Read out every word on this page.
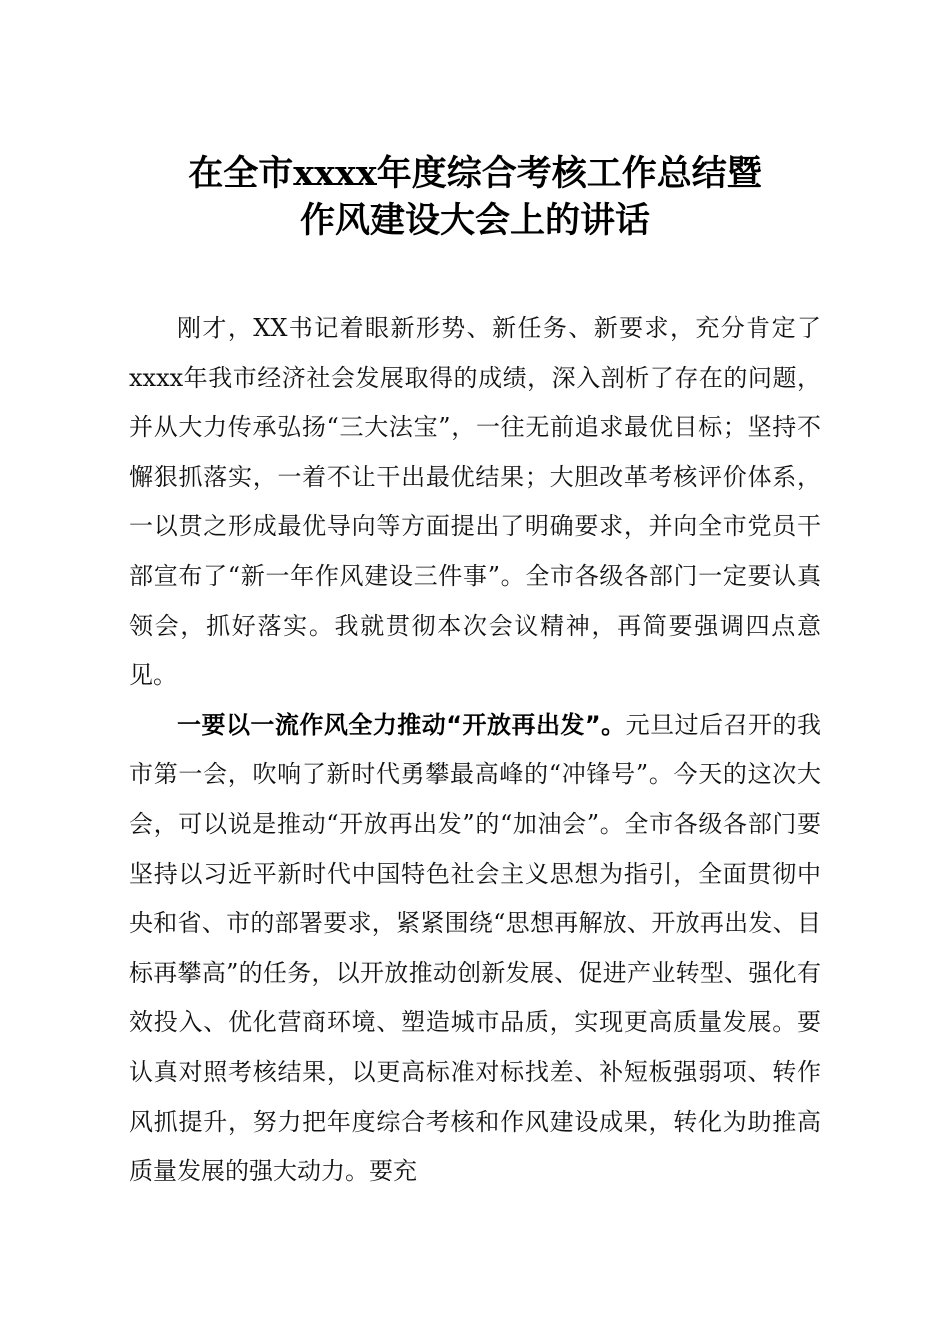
在全市xxxx年度综合考核工作总结暨
作风建设大会上的讲话

刚才，XX书记着眼新形势、新任务、新要求，充分肯定了xxxx年我市经济社会发展取得的成绩，深入剖析了存在的问题，并从大力传承弘扬“三大法宝”，一往无前追求最优目标；坚持不懈狠抓落实，一着不让干出最优结果；大胆改革考核评价体系，一以贯之形成最优导向等方面提出了明确要求，并向全市党员干部宣布了“新一年作风建设三件事”。全市各级各部门一定要认真领会，抓好落实。我就贯彻本次会议精神，再简要强调四点意见。

一要以一流作风全力推动“开放再出发”。元旦过后召开的我市第一会，吹响了新时代勇攀最高峰的“冲锋号”。今天的这次大会，可以说是推动“开放再出发”的“加油会”。全市各级各部门要坚持以习近平新时代中国特色社会主义思想为指引，全面贯彻中央和省、市的部署要求，紧紧围绕“思想再解放、开放再出发、目标再攀高”的任务，以开放推动创新发展、促进产业转型、强化有效投入、优化营商环境、塑造城市品质，实现更高质量发展。要认真对照考核结果，以更高标准对标找差、补短板强弱项、转作风抓提升，努力把年度综合考核和作风建设成果，转化为助推高质量发展的强大动力。要充
